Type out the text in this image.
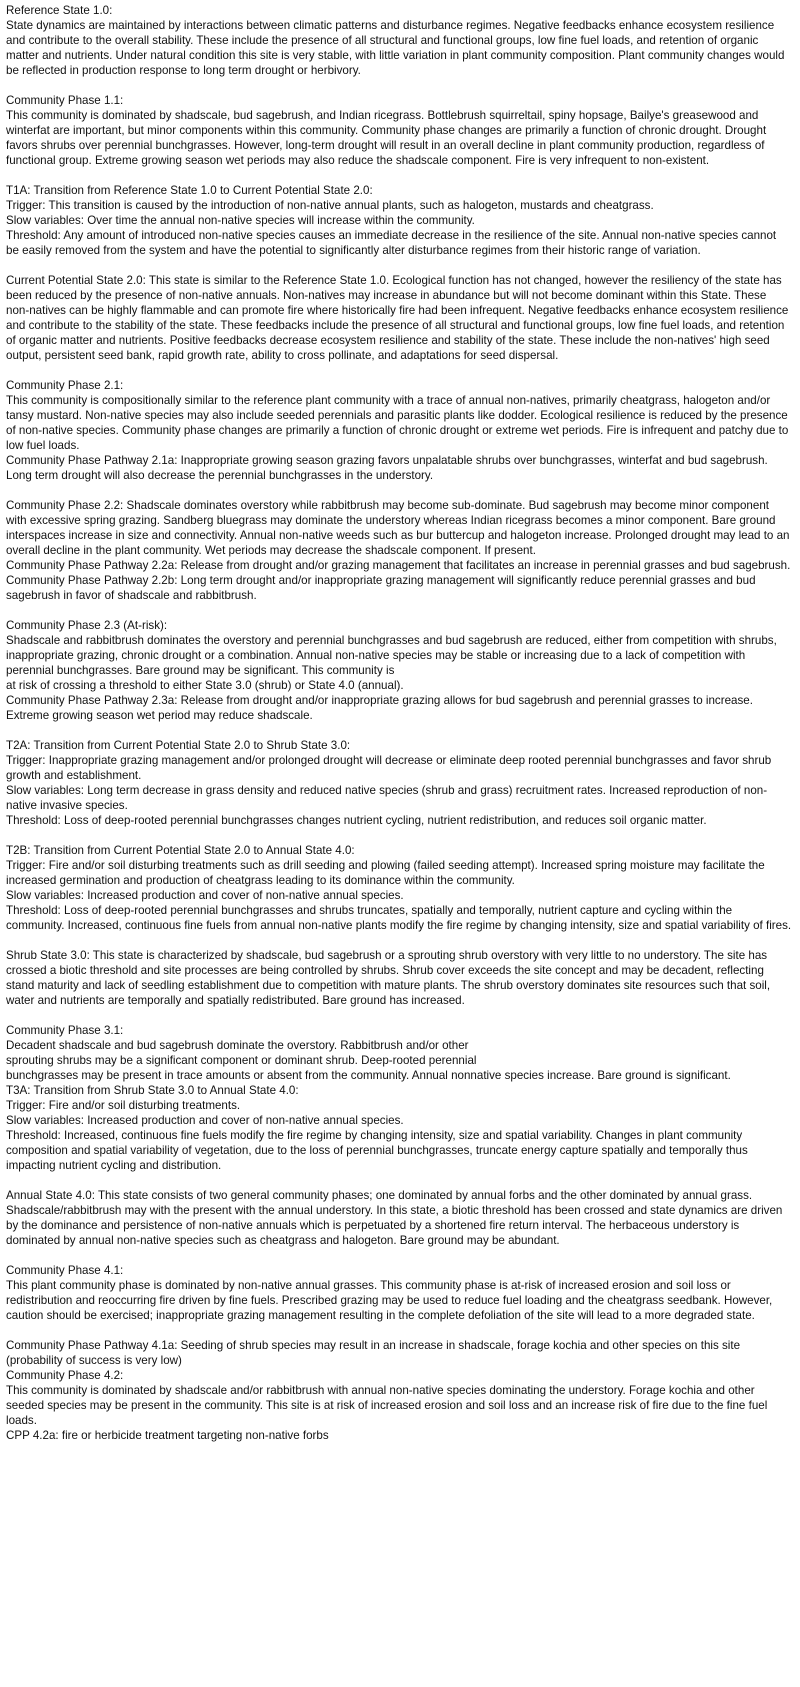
Reference State 1.0:
State dynamics are maintained by interactions between climatic patterns and disturbance regimes. Negative feedbacks enhance ecosystem resilience and contribute to the overall stability. These include the presence of all structural and functional groups, low fine fuel loads, and retention of organic matter and nutrients. Under natural condition this site is very stable, with little variation in plant community composition. Plant community changes would be reflected in production response to long term drought or herbivory.
Community Phase 1.1:
This community is dominated by shadscale, bud sagebrush, and Indian ricegrass. Bottlebrush squirreltail, spiny hopsage, Bailye's greasewood and winterfat are important, but minor components within this community. Community phase changes are primarily a function of chronic drought. Drought favors shrubs over perennial bunchgrasses. However, long-term drought will result in an overall decline in plant community production, regardless of functional group. Extreme growing season wet periods may also reduce the shadscale component. Fire is very infrequent to non-existent.
T1A: Transition from Reference State 1.0 to Current Potential State 2.0:
Trigger: This transition is caused by the introduction of non-native annual plants, such as halogeton, mustards and cheatgrass.
Slow variables: Over time the annual non-native species will increase within the community.
Threshold: Any amount of introduced non-native species causes an immediate decrease in the resilience of the site. Annual non-native species cannot be easily removed from the system and have the potential to significantly alter disturbance regimes from their historic range of variation.
Current Potential State 2.0: This state is similar to the Reference State 1.0. Ecological function has not changed, however the resiliency of the state has been reduced by the presence of non-native annuals. Non-natives may increase in abundance but will not become dominant within this State. These non-natives can be highly flammable and can promote fire where historically fire had been infrequent. Negative feedbacks enhance ecosystem resilience and contribute to the stability of the state. These feedbacks include the presence of all structural and functional groups, low fine fuel loads, and retention of organic matter and nutrients. Positive feedbacks decrease ecosystem resilience and stability of the state. These include the non-natives' high seed output, persistent seed bank, rapid growth rate, ability to cross pollinate, and adaptations for seed dispersal.
Community Phase 2.1:
This community is compositionally similar to the reference plant community with a trace of annual non-natives, primarily cheatgrass, halogeton and/or tansy mustard. Non-native species may also include seeded perennials and parasitic plants like dodder. Ecological resilience is reduced by the presence of non-native species. Community phase changes are primarily a function of chronic drought or extreme wet periods. Fire is infrequent and patchy due to low fuel loads.
Community Phase Pathway 2.1a: Inappropriate growing season grazing favors unpalatable shrubs over bunchgrasses, winterfat and bud sagebrush. Long term drought will also decrease the perennial bunchgrasses in the understory.
Community Phase 2.2: Shadscale dominates overstory while rabbitbrush may become sub-dominate. Bud sagebrush may become minor component with excessive spring grazing. Sandberg bluegrass may dominate the understory whereas Indian ricegrass becomes a minor component. Bare ground interspaces increase in size and connectivity. Annual non-native weeds such as bur buttercup and halogeton increase. Prolonged drought may lead to an overall decline in the plant community. Wet periods may decrease the shadscale component. If present.
Community Phase Pathway 2.2a: Release from drought and/or grazing management that facilitates an increase in perennial grasses and bud sagebrush.
Community Phase Pathway 2.2b: Long term drought and/or inappropriate grazing management will significantly reduce perennial grasses and bud sagebrush in favor of shadscale and rabbitbrush.
Community Phase 2.3 (At-risk):
Shadscale and rabbitbrush dominates the overstory and perennial bunchgrasses and bud sagebrush are reduced, either from competition with shrubs, inappropriate grazing, chronic drought or a combination. Annual non-native species may be stable or increasing due to a lack of competition with perennial bunchgrasses. Bare ground may be significant. This community is
at risk of crossing a threshold to either State 3.0 (shrub) or State 4.0 (annual).
Community Phase Pathway 2.3a: Release from drought and/or inappropriate grazing allows for bud sagebrush and perennial grasses to increase. Extreme growing season wet period may reduce shadscale.
T2A: Transition from Current Potential State 2.0 to Shrub State 3.0:
Trigger: Inappropriate grazing management and/or prolonged drought will decrease or eliminate deep rooted perennial bunchgrasses and favor shrub growth and establishment.
Slow variables: Long term decrease in grass density and reduced native species (shrub and grass) recruitment rates. Increased reproduction of non-native invasive species.
Threshold: Loss of deep-rooted perennial bunchgrasses changes nutrient cycling, nutrient redistribution, and reduces soil organic matter.
T2B: Transition from Current Potential State 2.0 to Annual State 4.0:
Trigger: Fire and/or soil disturbing treatments such as drill seeding and plowing (failed seeding attempt). Increased spring moisture may facilitate the increased germination and production of cheatgrass leading to its dominance within the community.
Slow variables: Increased production and cover of non-native annual species.
Threshold: Loss of deep-rooted perennial bunchgrasses and shrubs truncates, spatially and temporally, nutrient capture and cycling within the community. Increased, continuous fine fuels from annual non-native plants modify the fire regime by changing intensity, size and spatial variability of fires.
Shrub State 3.0: This state is characterized by shadscale, bud sagebrush or a sprouting shrub overstory with very little to no understory. The site has crossed a biotic threshold and site processes are being controlled by shrubs. Shrub cover exceeds the site concept and may be decadent, reflecting stand maturity and lack of seedling establishment due to competition with mature plants. The shrub overstory dominates site resources such that soil, water and nutrients are temporally and spatially redistributed. Bare ground has increased.
Community Phase 3.1:
Decadent shadscale and bud sagebrush dominate the overstory. Rabbitbrush and/or other
sprouting shrubs may be a significant component or dominant shrub. Deep-rooted perennial
bunchgrasses may be present in trace amounts or absent from the community. Annual nonnative species increase. Bare ground is significant.
T3A: Transition from Shrub State 3.0 to Annual State 4.0:
Trigger: Fire and/or soil disturbing treatments.
Slow variables: Increased production and cover of non-native annual species.
Threshold: Increased, continuous fine fuels modify the fire regime by changing intensity, size and spatial variability. Changes in plant community composition and spatial variability of vegetation, due to the loss of perennial bunchgrasses, truncate energy capture spatially and temporally thus impacting nutrient cycling and distribution.
Annual State 4.0: This state consists of two general community phases; one dominated by annual forbs and the other dominated by annual grass. Shadscale/rabbitbrush may with the present with the annual understory. In this state, a biotic threshold has been crossed and state dynamics are driven by the dominance and persistence of non-native annuals which is perpetuated by a shortened fire return interval. The herbaceous understory is dominated by annual non-native species such as cheatgrass and halogeton. Bare ground may be abundant.
Community Phase 4.1:
This plant community phase is dominated by non-native annual grasses. This community phase is at-risk of increased erosion and soil loss or redistribution and reoccurring fire driven by fine fuels. Prescribed grazing may be used to reduce fuel loading and the cheatgrass seedbank. However, caution should be exercised; inappropriate grazing management resulting in the complete defoliation of the site will lead to a more degraded state.
Community Phase Pathway 4.1a: Seeding of shrub species may result in an increase in shadscale, forage kochia and other species on this site (probability of success is very low)
Community Phase 4.2:
This community is dominated by shadscale and/or rabbitbrush with annual non-native species dominating the understory. Forage kochia and other seeded species may be present in the community. This site is at risk of increased erosion and soil loss and an increase risk of fire due to the fine fuel loads.
CPP 4.2a: fire or herbicide treatment targeting non-native forbs
